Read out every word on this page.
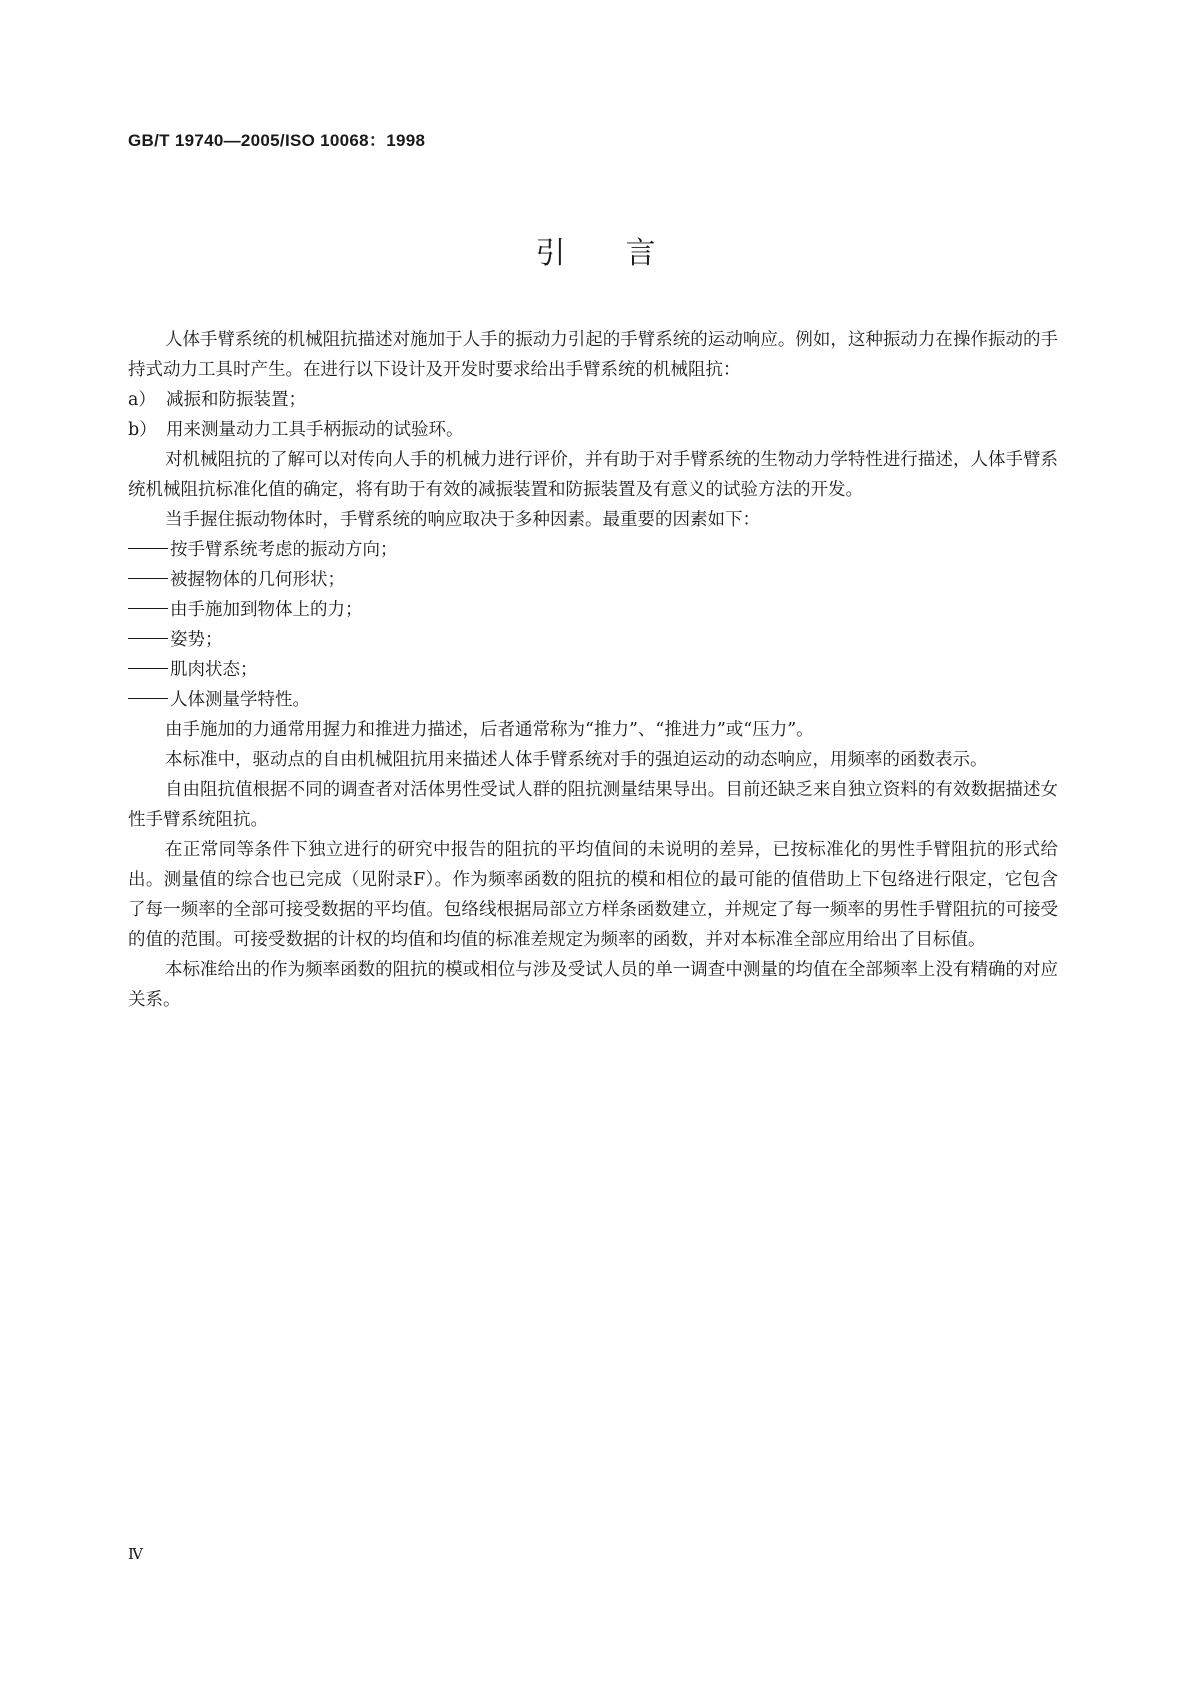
GB/T 19740—2005/ISO 10068：1998
引言

人体手臂系统的机械阻抗描述对施加于人手的振动力引起的手臂系统的运动响应。例如，这种振动力在操作振动的手持式动力工具时产生。在进行以下设计及开发时要求给出手臂系统的机械阻抗：

a） 减振和防振装置；

b） 用来测量动力工具手柄振动的试验环。

对机械阻抗的了解可以对传向人手的机械力进行评价，并有助于对手臂系统的生物动力学特性进行描述，人体手臂系统机械阻抗标准化值的确定，将有助于有效的减振装置和防振装置及有意义的试验方法的开发。

当手握住振动物体时，手臂系统的响应取决于多种因素。最重要的因素如下：

按手臂系统考虑的振动方向；

被握物体的几何形状；

由手施加到物体上的力；

姿势；

肌肉状态；

人体测量学特性。

由手施加的力通常用握力和推进力描述，后者通常称为“推力”、“推进力”或“压力”。

本标准中，驱动点的自由机械阻抗用来描述人体手臂系统对手的强迫运动的动态响应，用频率的函数表示。

自由阻抗值根据不同的调查者对活体男性受试人群的阻抗测量结果导出。目前还缺乏来自独立资料的有效数据描述女性手臂系统阻抗。

在正常同等条件下独立进行的研究中报告的阻抗的平均值间的未说明的差异，已按标准化的男性手臂阻抗的形式给出。测量值的综合也已完成（见附录F）。作为频率函数的阻抗的模和相位的最可能的值借助上下包络进行限定，它包含了每一频率的全部可接受数据的平均值。包络线根据局部立方样条函数建立，并规定了每一频率的男性手臂阻抗的可接受的值的范围。可接受数据的计权的均值和均值的标准差规定为频率的函数，并对本标准全部应用给出了目标值。

本标准给出的作为频率函数的阻抗的模或相位与涉及受试人员的单一调查中测量的均值在全部频率上没有精确的对应关系。

Ⅳ
